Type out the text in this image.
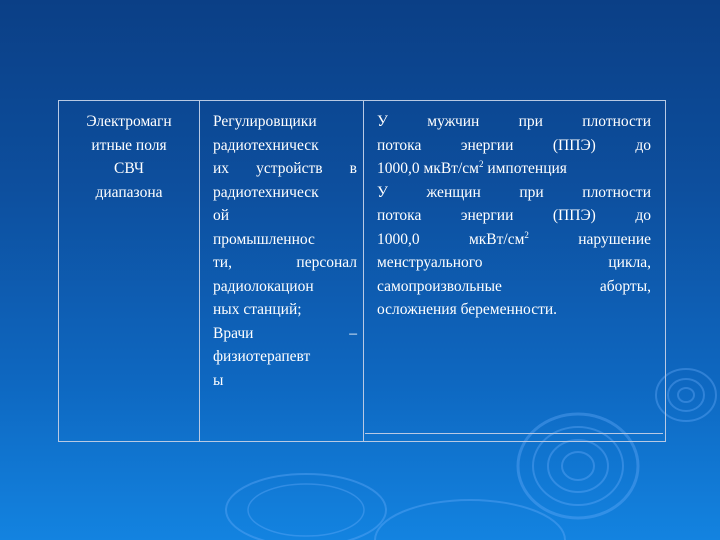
Электромагн
итные поля
СВЧ
диапазона
Регулировщики
радиотехническ
их устройств в
радиотехническ
ой
промышленнос
ти, персонал
радиолокацион
ных станций;
Врачи –
физиотерапевт
ы
У мужчин при плотности
потока энергии (ППЭ) до
1000,0 мкВт/$см^2$ импотенция
У женщин при плотности
потока энергии (ППЭ) до
1000,0 мкВт/$см^2$ нарушение
менструального цикла,
самопроизвольные аборты,
осложнения беременности.
